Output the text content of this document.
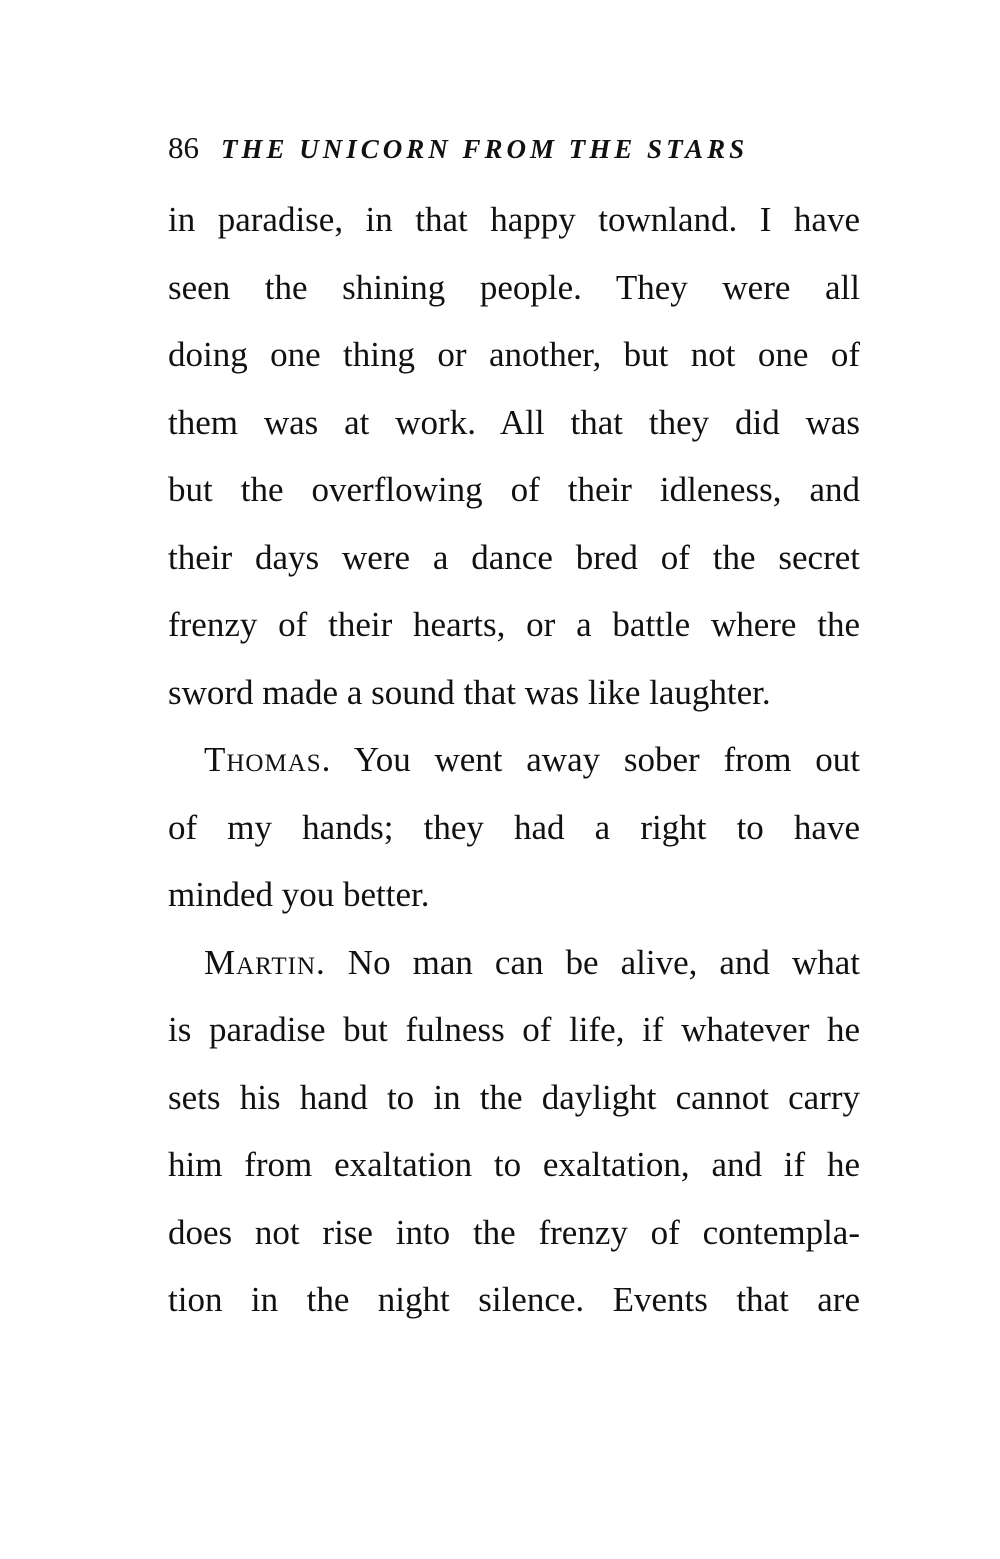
86 THE UNICORN FROM THE STARS
in paradise, in that happy townland. I have
seen the shining people. They were all
doing one thing or another, but not one of
them was at work. All that they did was
but the overflowing of their idleness, and
their days were a dance bred of the secret
frenzy of their hearts, or a battle where the
sword made a sound that was like laughter.
Thomas. You went away sober from out
of my hands; they had a right to have
minded you better.
Martin. No man can be alive, and what
is paradise but fulness of life, if whatever he
sets his hand to in the daylight cannot carry
him from exaltation to exaltation, and if he
does not rise into the frenzy of contempla-
tion in the night silence. Events that are
